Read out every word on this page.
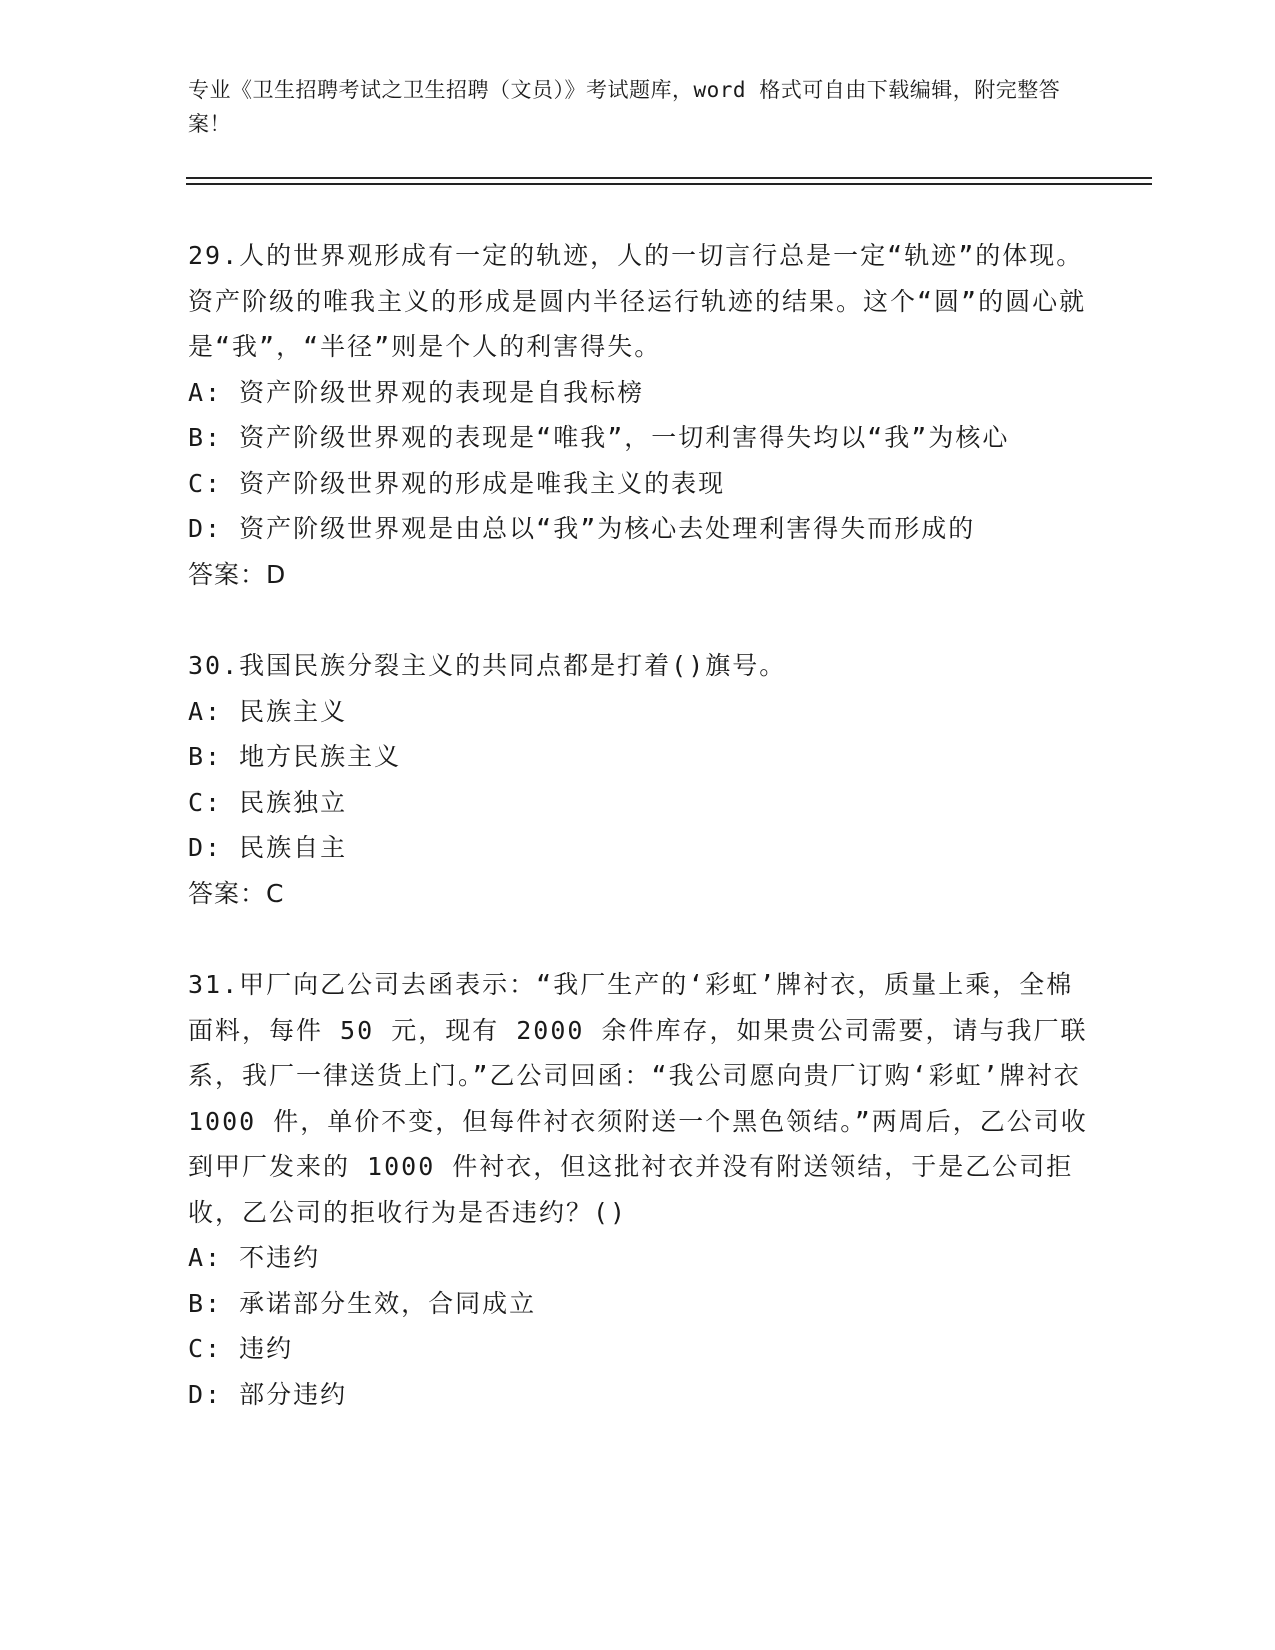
专业《卫生招聘考试之卫生招聘（文员）》考试题库，word 格式可自由下载编辑，附完整答案！

29.人的世界观形成有一定的轨迹，人的一切言行总是一定“轨迹”的体现。资产阶级的唯我主义的形成是圆内半径运行轨迹的结果。这个“圆”的圆心就是“我”，“半径”则是个人的利害得失。

A: 资产阶级世界观的表现是自我标榜

B: 资产阶级世界观的表现是“唯我”，一切利害得失均以“我”为核心

C: 资产阶级世界观的形成是唯我主义的表现

D: 资产阶级世界观是由总以“我”为核心去处理利害得失而形成的

答案：D

30.我国民族分裂主义的共同点都是打着()旗号。

A: 民族主义

B: 地方民族主义

C: 民族独立

D: 民族自主

答案：C

31.甲厂向乙公司去函表示：“我厂生产的‘彩虹’牌衬衣，质量上乘，全棉面料，每件 50 元，现有 2000 余件库存，如果贵公司需要，请与我厂联系，我厂一律送货上门。”乙公司回函：“我公司愿向贵厂订购‘彩虹’牌衬衣 1000 件，单价不变，但每件衬衣须附送一个黑色领结。”两周后，乙公司收到甲厂发来的 1000 件衬衣，但这批衬衣并没有附送领结，于是乙公司拒收，乙公司的拒收行为是否违约？()

A: 不违约

B: 承诺部分生效，合同成立

C: 违约

D: 部分违约
